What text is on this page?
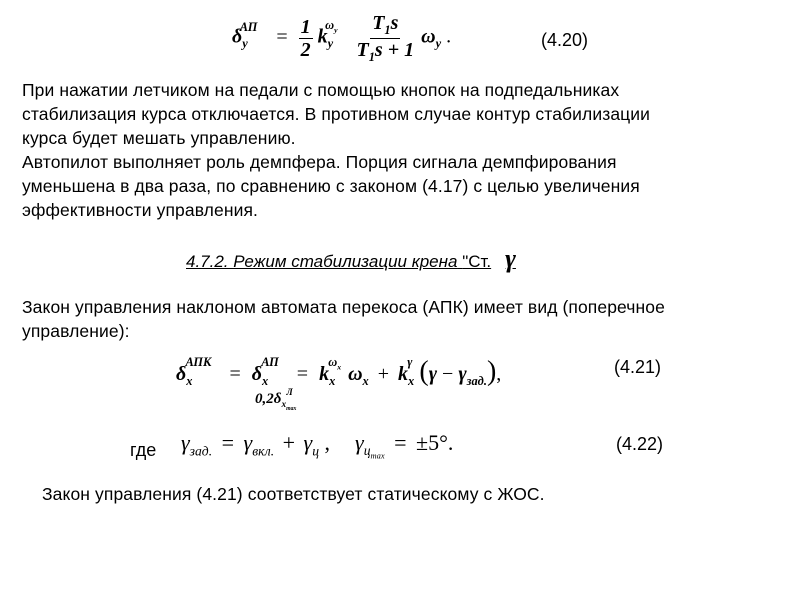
$\delta_y^{АП} = \frac{1}{2} k_y^{\omega_y} \frac{T_1s}{T_1s + 1} \omega_y$ .	(4.20)
При нажатии летчиком на педали с помощью кнопок на подпедальниках
стабилизация курса отключается. В противном случае контур стабилизации
курса будет мешать управлению.
Автопилот выполняет роль демпфера. Порция сигнала демпфирования
уменьшена в два раза, по сравнению с законом (4.17) с целью увеличения
эффективности управления.
4.7.2. Режим стабилизации крена "Ст. γ
Закон управления наклоном автомата перекоса (АПК) имеет вид (поперечное
управление):
$\delta_x^{АПК} = \delta_x^{АП} = k_x^{\omega_x}$ $\omega_x + k_x^\gamma$ $(\gamma - \gamma_{зад.})$,
$0,2\delta_{x_{max}}^Л$
(4.21)
где $\gamma_{зад.} = \gamma_{вкл.} + \gamma_ц$ ,  $\gamma_{ц_{max}} = \pm 5^\circ$.	(4.22)
Закон управления (4.21) соответствует статическому с ЖОС.
